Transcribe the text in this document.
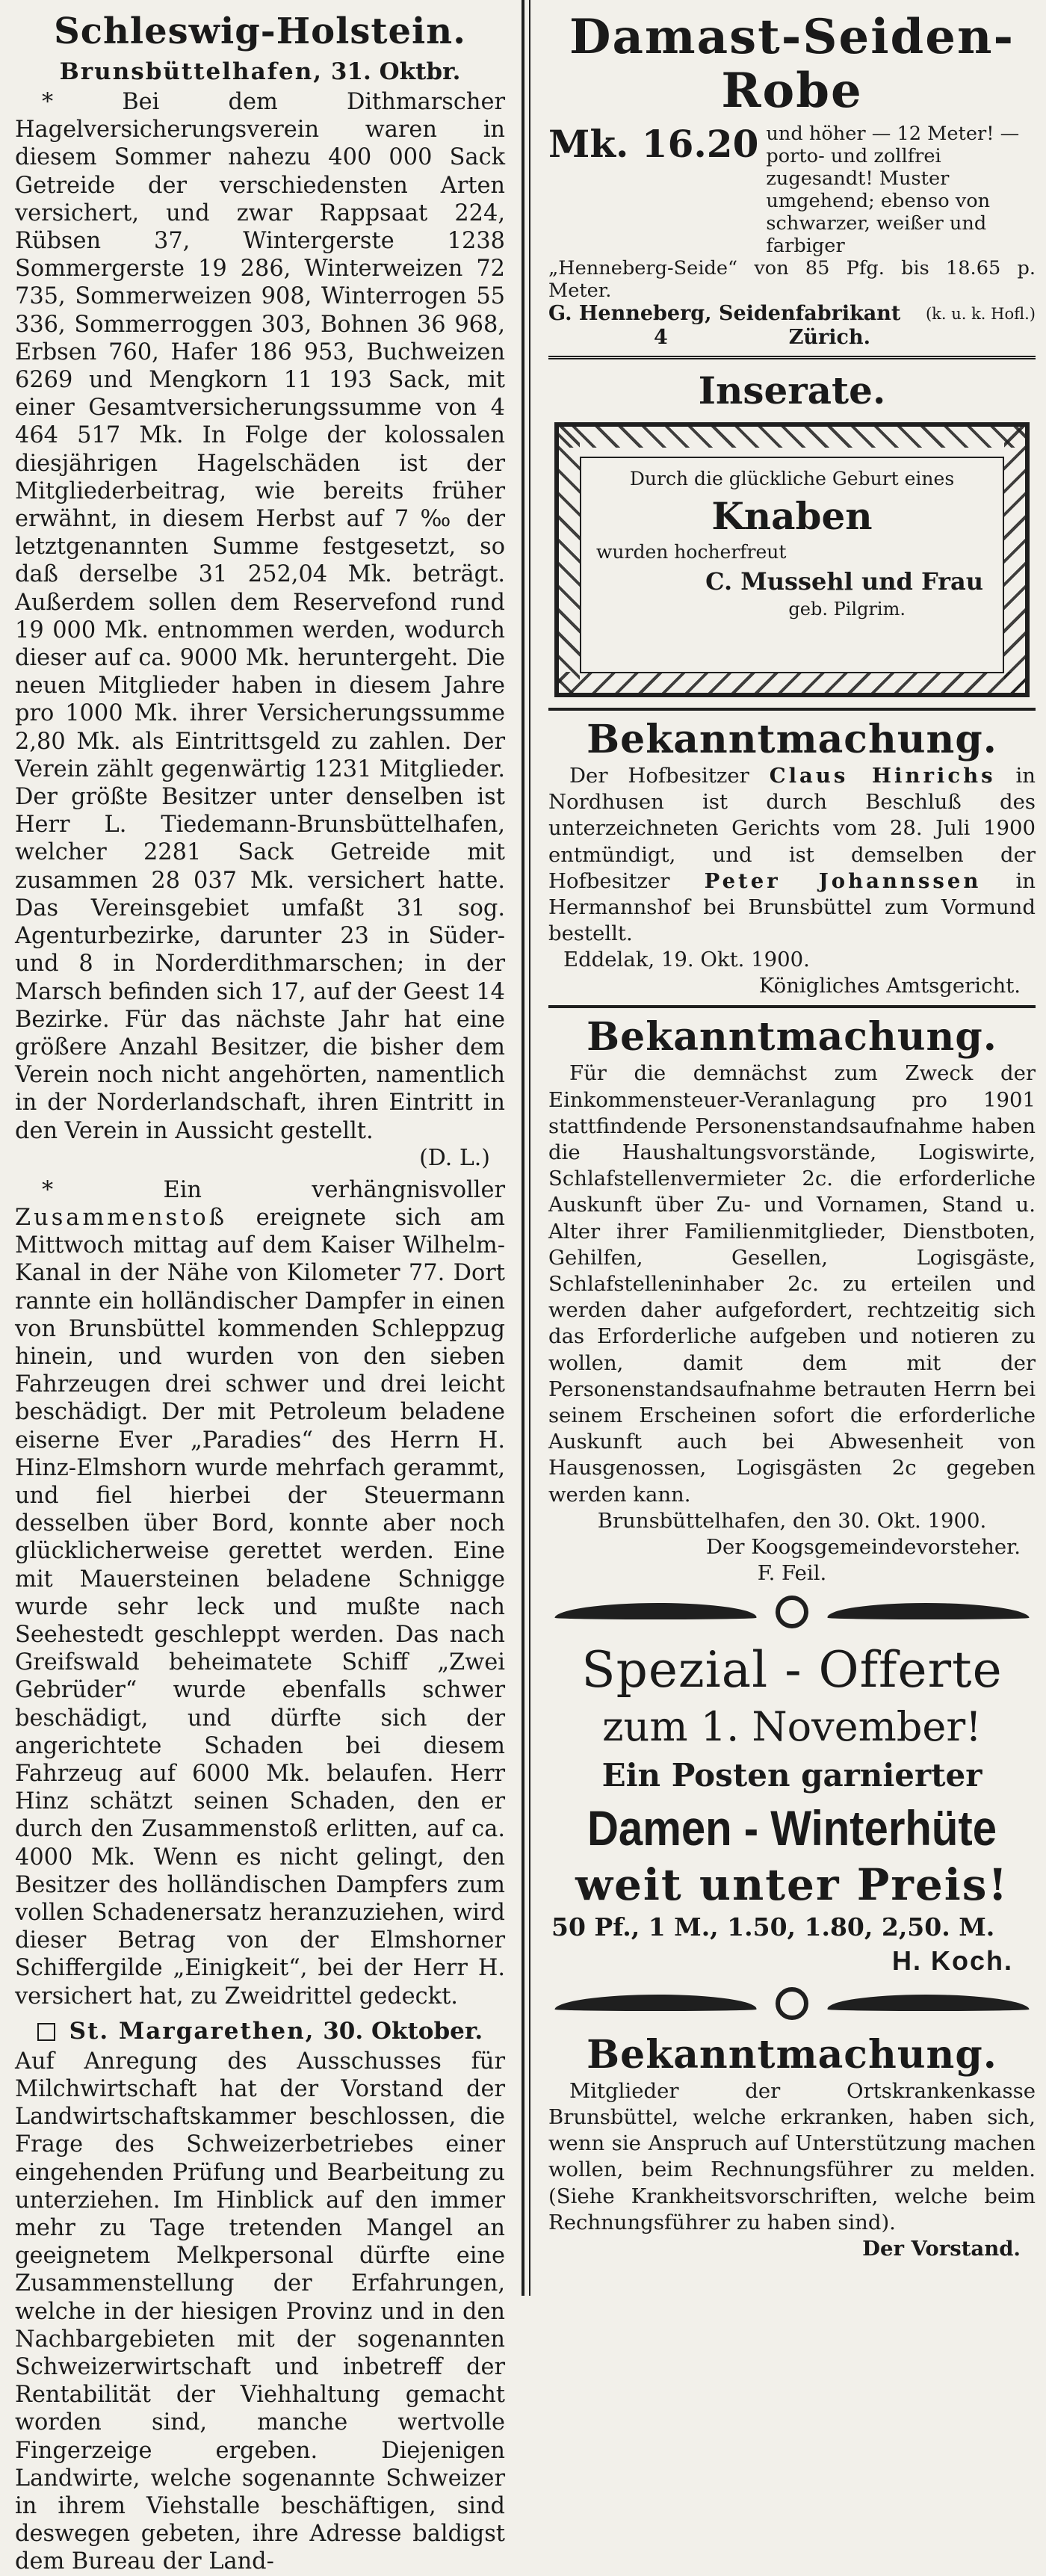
Schleswig-Holstein.
Brunsbüttelhafen, 31. Oktbr.

* Bei dem Dithmarscher Hagelversicherungsverein waren in diesem Sommer nahezu 400 000 Sack Getreide der verschiedensten Arten versichert, und zwar Rappsaat 224, Rübsen 37, Wintergerste 1238 Sommergerste 19 286, Winterweizen 72 735, Sommerweizen 908, Winterrogen 55 336, Sommerroggen 303, Bohnen 36 968, Erbsen 760, Hafer 186 953, Buchweizen 6269 und Mengkorn 11 193 Sack, mit einer Gesamtversicherungssumme von 4 464 517 Mk. In Folge der kolossalen diesjährigen Hagelschäden ist der Mitgliederbeitrag, wie bereits früher erwähnt, in diesem Herbst auf 7 ‰ der letztgenannten Summe festgesetzt, so daß derselbe 31 252,04 Mk. beträgt. Außerdem sollen dem Reservefond rund 19 000 Mk. entnommen werden, wodurch dieser auf ca. 9000 Mk. heruntergeht. Die neuen Mitglieder haben in diesem Jahre pro 1000 Mk. ihrer Versicherungssumme 2,80 Mk. als Eintrittsgeld zu zahlen. Der Verein zählt gegenwärtig 1231 Mitglieder. Der größte Besitzer unter denselben ist Herr L. Tiedemann-Brunsbüttelhafen, welcher 2281 Sack Getreide mit zusammen 28 037 Mk. versichert hatte. Das Vereinsgebiet umfaßt 31 sog. Agenturbezirke, darunter 23 in Süder- und 8 in Norderdithmarschen; in der Marsch befinden sich 17, auf der Geest 14 Bezirke. Für das nächste Jahr hat eine größere Anzahl Besitzer, die bisher dem Verein noch nicht angehörten, namentlich in der Norderlandschaft, ihren Eintritt in den Verein in Aussicht gestellt.

(D. L.)

* Ein verhängnisvoller Zusammenstoß ereignete sich am Mittwoch mittag auf dem Kaiser Wilhelm-Kanal in der Nähe von Kilometer 77. Dort rannte ein holländischer Dampfer in einen von Brunsbüttel kommenden Schleppzug hinein, und wurden von den sieben Fahrzeugen drei schwer und drei leicht beschädigt. Der mit Petroleum beladene eiserne Ever „Paradies“ des Herrn H. Hinz-Elmshorn wurde mehrfach gerammt, und fiel hierbei der Steuermann desselben über Bord, konnte aber noch glücklicherweise gerettet werden. Eine mit Mauersteinen beladene Schnigge wurde sehr leck und mußte nach Seehestedt geschleppt werden. Das nach Greifswald beheimatete Schiff „Zwei Gebrüder“ wurde ebenfalls schwer beschädigt, und dürfte sich der angerichtete Schaden bei diesem Fahrzeug auf 6000 Mk. belaufen. Herr Hinz schätzt seinen Schaden, den er durch den Zusammenstoß erlitten, auf ca. 4000 Mk. Wenn es nicht gelingt, den Besitzer des holländischen Dampfers zum vollen Schadenersatz heranzuziehen, wird dieser Betrag von der Elmshorner Schiffergilde „Einigkeit“, bei der Herr H. versichert hat, zu Zweidrittel gedeckt.

St. Margarethen, 30. Oktober.

Auf Anregung des Ausschusses für Milchwirtschaft hat der Vorstand der Landwirtschaftskammer beschlossen, die Frage des Schweizerbetriebes einer eingehenden Prüfung und Bearbeitung zu unterziehen. Im Hinblick auf den immer mehr zu Tage tretenden Mangel an geeignetem Melkpersonal dürfte eine Zusammenstellung der Erfahrungen, welche in der hiesigen Provinz und in den Nachbargebieten mit der sogenannten Schweizerwirtschaft und inbetreff der Rentabilität der Viehhaltung gemacht worden sind, manche wertvolle Fingerzeige ergeben. Diejenigen Landwirte, welche sogenannte Schweizer in ihrem Viehstalle beschäftigen, sind deswegen gebeten, ihre Adresse baldigst dem Bureau der Land-

Damast-Seiden-Robe
Mk. 16.20 und höher — 12 Meter! — porto- und zollfrei zugesandt! Muster umgehend; ebenso von schwarzer, weißer und farbiger
„Henneberg-Seide“ von 85 Pfg. bis 18.65 p. Meter.
G. Henneberg, Seidenfabrikant (k. u. k. Hofl.)
4	Zürich.
Inserate.
Durch die glückliche Geburt eines
Knaben
wurden hocherfreut
C. Mussehl und Frau
geb. Pilgrim.
Bekanntmachung.

Der Hofbesitzer Claus Hinrichs in Nordhusen ist durch Beschluß des unterzeichneten Gerichts vom 28. Juli 1900 entmündigt, und ist demselben der Hofbesitzer Peter Johannssen in Hermannshof bei Brunsbüttel zum Vormund bestellt.

Eddelak, 19. Okt. 1900.
Königliches Amtsgericht.
Bekanntmachung.

Für die demnächst zum Zweck der Einkommensteuer-Veranlagung pro 1901 stattfindende Personenstandsaufnahme haben die Haushaltungsvorstände, Logiswirte, Schlafstellenvermieter 2c. die erforderliche Auskunft über Zu- und Vornamen, Stand u. Alter ihrer Familienmitglieder, Dienstboten, Gehilfen, Gesellen, Logisgäste, Schlafstelleninhaber 2c. zu erteilen und werden daher aufgefordert, rechtzeitig sich das Erforderliche aufgeben und notieren zu wollen, damit dem mit der Personenstandsaufnahme betrauten Herrn bei seinem Erscheinen sofort die erforderliche Auskunft auch bei Abwesenheit von Hausgenossen, Logisgästen 2c gegeben werden kann.

Brunsbüttelhafen, den 30. Okt. 1900.
Der Koogsgemeindevorsteher.
F. Feil.
Spezial - Offerte
zum 1. November!
Ein Posten garnierter
Damen - Winterhüte
weit unter Preis!
50 Pf., 1 M., 1.50, 1.80, 2,50. M.
H. Koch.
Bekanntmachung.

Mitglieder der Ortskrankenkasse Brunsbüttel, welche erkranken, haben sich, wenn sie Anspruch auf Unterstützung machen wollen, beim Rechnungsführer zu melden. (Siehe Krankheitsvorschriften, welche beim Rechnungsführer zu haben sind).

Der Vorstand.
